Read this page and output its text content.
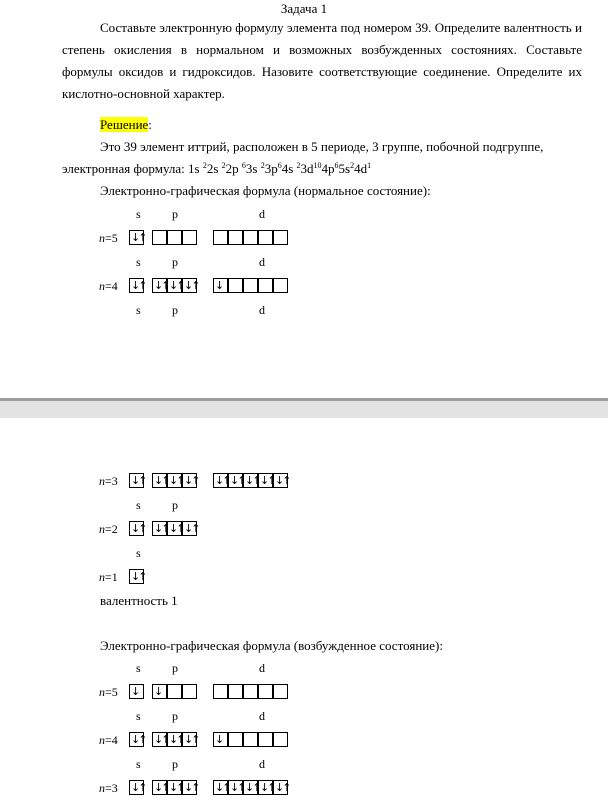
Задача 1
Составьте электронную формулу элемента под номером 39. Определите валентность и степень окисления в нормальном и возможных возбужденных состояниях. Составьте формулы оксидов и гидроксидов. Назовите соответствующие соединение. Определите их кислотно-основной характер.
Решение:
Это 39 элемент иттрий, расположен в 5 периоде, 3 группе, побочной подгруппе,
электронная формула: 1s $^2$2s $^2$2p $^6$3s $^23p^64s$ $^23d^{10}4p^65s^24d^1$
Электронно-графическая формула (нормальное состояние):
s	p	d
n=5 ↓↑
s	p	d
n=4 ↓↑ ↓↑ ↓↑ ↓↑ ↓
s	p	d
n=3 ↓↑ ↓↑ ↓↑ ↓↑ ↓↑ ↓↑ ↓↑ ↓↑ ↓↑
s	p
n=2 ↓↑ ↓↑ ↓↑ ↓↑
s
n=1 ↓↑
валентность 1
Электронно-графическая формула (возбужденное состояние):
s	p	d
n=5 ↓	↓
s	p	d
n=4 ↓↑ ↓↑ ↓↑ ↓↑ ↓
s	p	d
n=3 ↓↑ ↓↑ ↓↑ ↓↑ ↓↑ ↓↑ ↓↑ ↓↑ ↓↑
